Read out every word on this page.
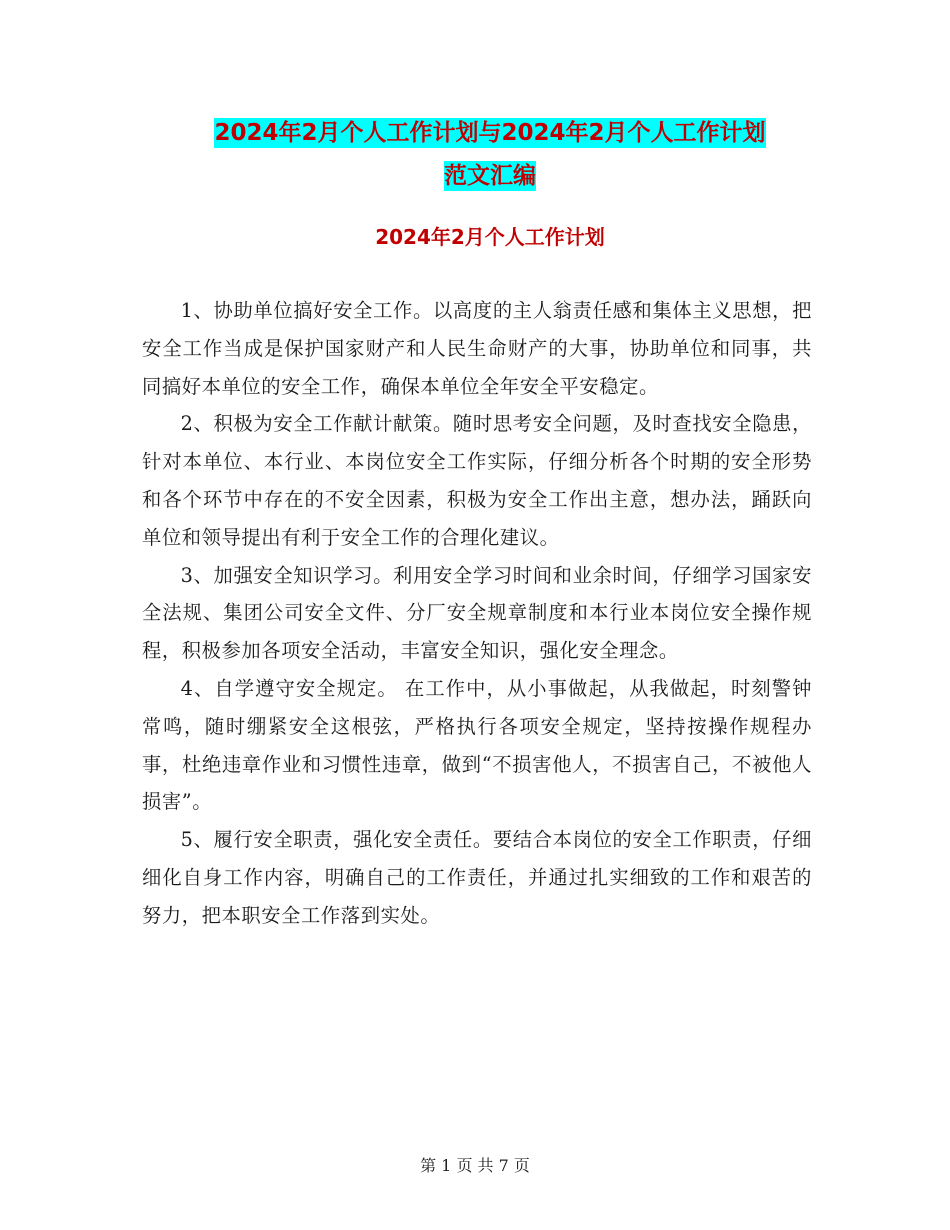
2024年2月个人工作计划与2024年2月个人工作计划
范文汇编
2024年2月个人工作计划

1、协助单位搞好安全工作。以高度的主人翁责任感和集体主义思想，把安全工作当成是保护国家财产和人民生命财产的大事，协助单位和同事，共同搞好本单位的安全工作，确保本单位全年安全平安稳定。

2、积极为安全工作献计献策。随时思考安全问题，及时查找安全隐患，针对本单位、本行业、本岗位安全工作实际，仔细分析各个时期的安全形势和各个环节中存在的不安全因素，积极为安全工作出主意，想办法，踊跃向单位和领导提出有利于安全工作的合理化建议。

3、加强安全知识学习。利用安全学习时间和业余时间，仔细学习国家安全法规、集团公司安全文件、分厂安全规章制度和本行业本岗位安全操作规程，积极参加各项安全活动，丰富安全知识，强化安全理念。

4、自学遵守安全规定。 在工作中，从小事做起，从我做起，时刻警钟常鸣，随时绷紧安全这根弦，严格执行各项安全规定，坚持按操作规程办事，杜绝违章作业和习惯性违章，做到“不损害他人，不损害自己，不被他人损害”。

5、履行安全职责，强化安全责任。要结合本岗位的安全工作职责，仔细细化自身工作内容，明确自己的工作责任，并通过扎实细致的工作和艰苦的努力，把本职安全工作落到实处。

第 1 页 共 7 页
